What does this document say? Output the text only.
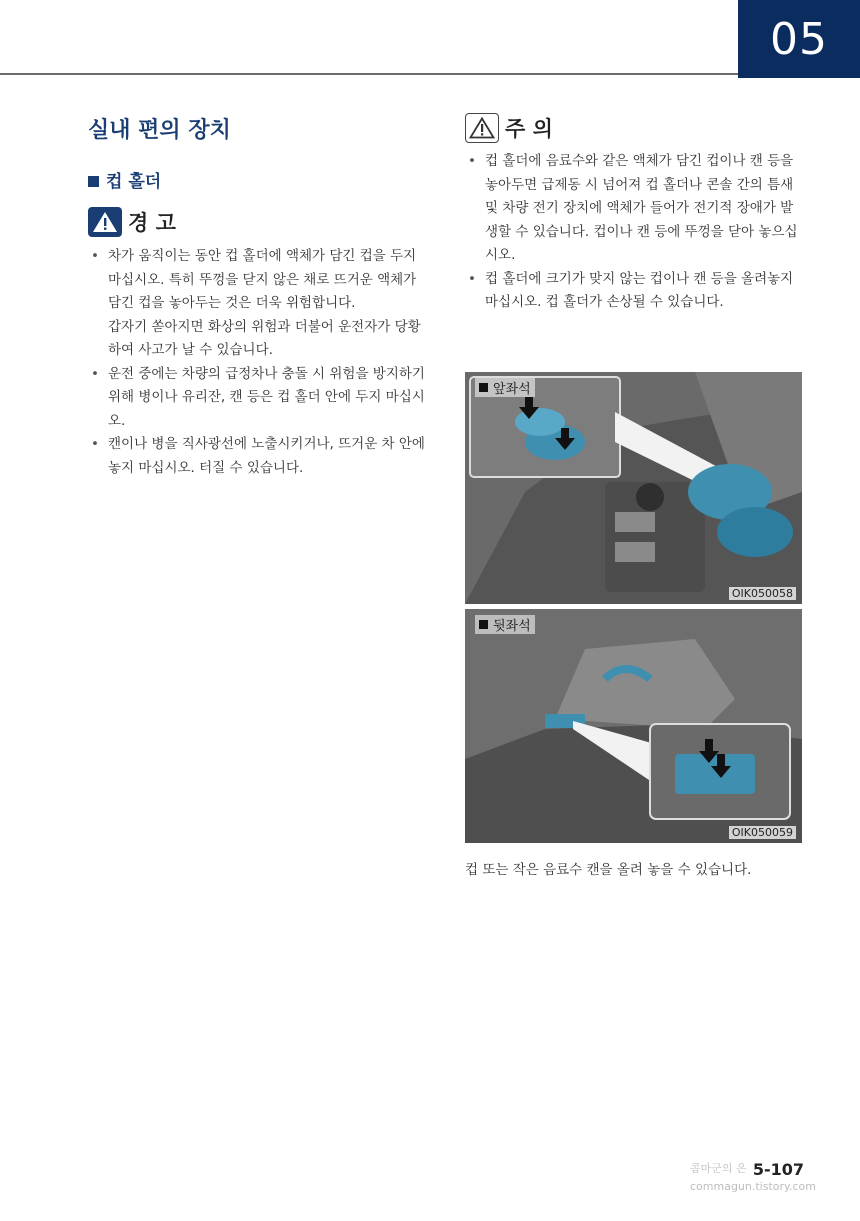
05
실내 편의 장치
컵 홀더
경 고
• 차가 움직이는 동안 컵 홀더에 액체가 담긴 컵을 두지 마십시오. 특히 뚜껑을 닫지 않은 채로 뜨거운 액체가 담긴 컵을 놓아두는 것은 더욱 위험합니다.
갑자기 쏟아지면 화상의 위험과 더불어 운전자가 당황하여 사고가 날 수 있습니다.
• 운전 중에는 차량의 급정차나 충돌 시 위험을 방지하기 위해 병이나 유리잔, 캔 등은 컵 홀더 안에 두지 마십시오.
• 캔이나 병을 직사광선에 노출시키거나, 뜨거운 차 안에 놓지 마십시오. 터질 수 있습니다.
주 의
• 컵 홀더에 음료수와 같은 액체가 담긴 컵이나 캔 등을 놓아두면 급제동 시 넘어져 컵 홀더나 콘솔 간의 틈새 및 차량 전기 장치에 액체가 들어가 전기적 장애가 발생할 수 있습니다. 컵이나 캔 등에 뚜껑을 닫아 놓으십시오.
• 컵 홀더에 크기가 맞지 않는 컵이나 캔 등을 올려놓지 마십시오. 컵 홀더가 손상될 수 있습니다.
앞좌석
OIK050058
뒷좌석
OIK050059
컵 또는 작은 음료수 캔을 올려 놓을 수 있습니다.
콤마군의 은
commagun.tistory.com
5-107
